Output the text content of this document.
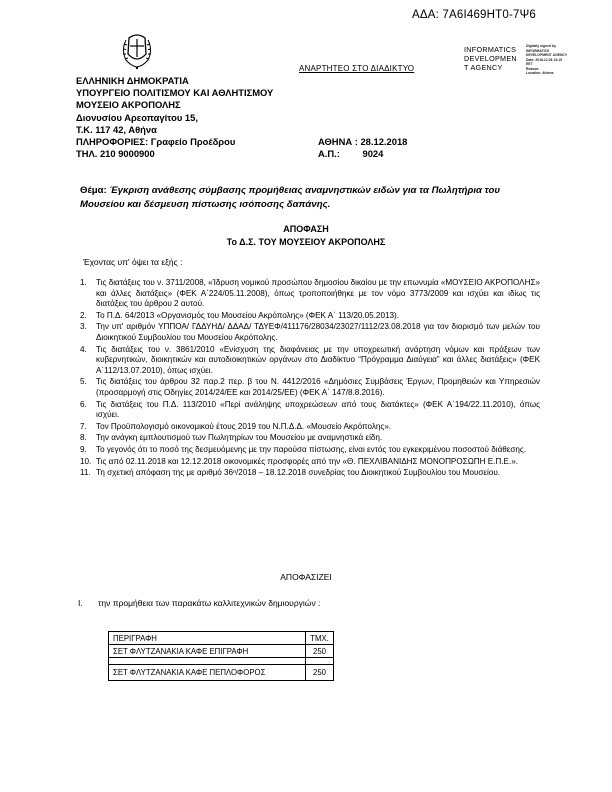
ΑΔΑ: 7Α6Ι469ΗΤ0-7Ψ6
ΑΝΑΡΤΗΤΕΟ ΣΤΟ ΔΙΑΔΙΚΤΥΟ
INFORMATICS
DEVELOPMEN
T AGENCY
Digitally signed by
INFORMATICS
DEVELOPMENT AGENCY
Date: 2018.12.28 13:15
EET
Reason:
Location: Athens
ΕΛΛΗΝΙΚΗ ΔΗΜΟΚΡΑΤΙΑ
ΥΠΟΥΡΓΕΙΟ ΠΟΛΙΤΙΣΜΟΥ ΚΑΙ ΑΘΛΗΤΙΣΜΟΥ
ΜΟΥΣΕΙΟ ΑΚΡΟΠΟΛΗΣ
Διονυσίου Αρεοπαγίτου 15,
Τ.Κ. 117 42, Αθήνα
ΠΛΗΡΟΦΟΡΙΕΣ: Γραφείο Προέδρου
ΤΗΛ. 210 9000900
ΑΘΗΝΑ : 28.12.2018
Α.Π.: 9024
Θέμα: Έγκριση ανάθεσης σύμβασης προμήθειας αναμνηστικών ειδών για τα Πωλητήρια του Μουσείου και δέσμευση πίστωσης ισόποσης δαπάνης.
ΑΠΟΦΑΣΗ
Το Δ.Σ. ΤΟΥ ΜΟΥΣΕΙΟΥ ΑΚΡΟΠΟΛΗΣ
Έχοντας υπ' όψει τα εξής :
1. Τις διατάξεις του ν. 3711/2008, «Ίδρυση νομικού προσώπου δημοσίου δικαίου με την επωνυμία «ΜΟΥΣΕΙΟ ΑΚΡΟΠΟΛΗΣ» και άλλες διατάξεις» (ΦΕΚ Α΄224/05.11.2008), όπως τροποποιήθηκε με τον νόμο 3773/2009 και ισχύει και ιδίως τις διατάξεις του άρθρου 2 αυτού.
2. Το Π.Δ. 64/2013 «Οργανισμός του Μουσείου Ακρόπολης» (ΦΕΚ Α΄ 113/20.05.2013).
3. Την υπ' αριθμόν ΥΠΠΟΑ/ ΓΔΔΥΗΔ/ ΔΔΑΔ/ ΤΔΥΕΦ/411176/28034/23027/1112/23.08.2018 για τον διορισμό των μελών του Διοικητικού Συμβουλίου του Μουσείου Ακρόπολης.
4. Τις διατάξεις του ν. 3861/2010 «Ενίσχυση της διαφάνειας με την υποχρεωτική ανάρτηση νόμων και πράξεων των κυβερνητικών, διοικητικών και αυτοδιοικητικών οργάνων στο Διαδίκτυο “Πρόγραμμα Διαύγεια” και άλλες διατάξεις» (ΦΕΚ Α΄112/13.07.2010), όπως ισχύει.
5. Τις διατάξεις του άρθρου 32 παρ.2 περ. β του Ν. 4412/2016 «Δημόσιες Συμβάσεις Έργων, Προμηθειών και Υπηρεσιών (προσαρμογή στις Οδηγίες 2014/24/ΕΕ και 2014/25/ΕΕ) (ΦΕΚ Α΄ 147/8.8.2016).
6. Τις διατάξεις του Π.Δ. 113/2010 «Περί ανάληψης υποχρεώσεων από τους διατάκτες» (ΦΕΚ Α΄194/22.11.2010), όπως ισχύει.
7. Τον Προϋπολογισμό οικονομικού έτους 2019 του Ν.Π.Δ.Δ. «Μουσείο Ακρόπολης».
8. Την ανάγκη εμπλουτισμού των Πωλητηρίων του Μουσείου με αναμνηστικά είδη.
9. Το γεγονός ότι το ποσό της δεσμευόμενης με την παρούσα πίστωσης, είναι εντός του εγκεκριμένου ποσοστού διάθεσης.
10. Τις από 02.11.2018 και 12.12.2018 οικονομικές προσφορές από την «Θ. ΠΕΧΛΙΒΑΝΙΔΗΣ ΜΟΝΟΠΡΟΣΩΠΗ Ε.Π.Ε.».
11. Τη σχετική απόφαση της με αριθμό 36ⁿ/2018 – 18.12.2018 συνεδρίας του Διοικητικού Συμβουλίου του Μουσείου.
ΑΠΟΦΑΣΙΖΕΙ
Ι. την προμήθεια των παρακάτω καλλιτεχνικών δημιουργιών :
ΠΕΡΙΓΡΑΦΗ	ΤΜΧ.
ΣΕΤ ΦΛΥΤΖΑΝΑΚΙΑ ΚΑΦΕ ΕΠΙΓΡΑΦΗ	250

ΣΕΤ ΦΛΥΤΖΑΝΑΚΙΑ ΚΑΦΕ ΠΕΠΛΟΦΟΡΟΣ	250
